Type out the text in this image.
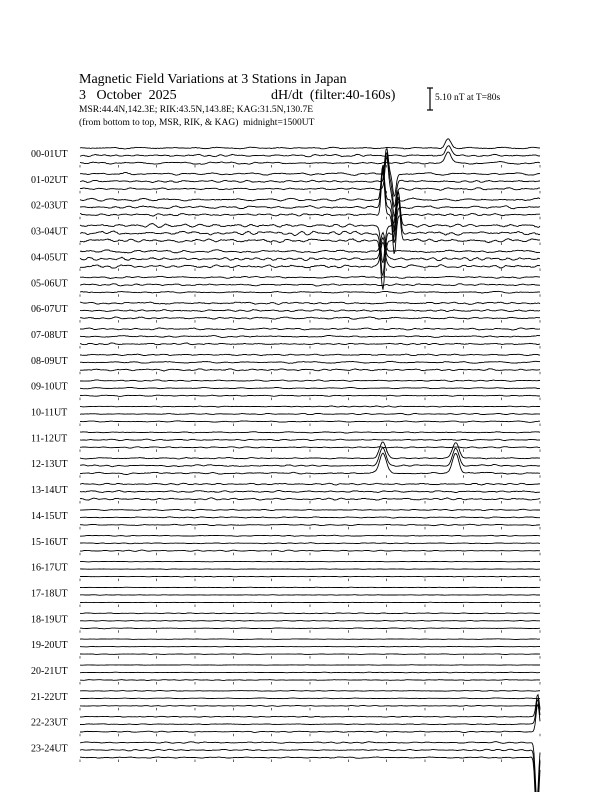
Magnetic Field Variations at 3 Stations in Japan
3   October  2025	dH/dt  (filter:40-160s)
MSR:44.4N,142.3E; RIK:43.5N,143.8E; KAG:31.5N,130.7E
(from bottom to top, MSR, RIK, & KAG)  midnight=1500UT
5.10 nT at T=80s
00-01UT
01-02UT
02-03UT
03-04UT
04-05UT
05-06UT
06-07UT
07-08UT
08-09UT
09-10UT
10-11UT
11-12UT
12-13UT
13-14UT
14-15UT
15-16UT
16-17UT
17-18UT
18-19UT
19-20UT
20-21UT
21-22UT
22-23UT
23-24UT
